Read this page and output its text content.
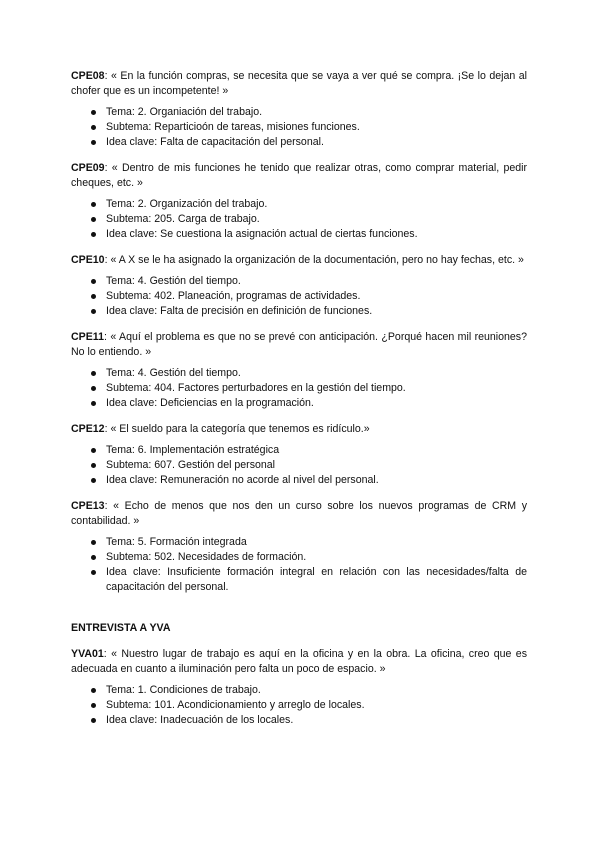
CPE08: « En la función compras, se necesita que se vaya a ver qué se compra. ¡Se lo dejan al chofer que es un incompetente! »

Tema: 2. Organiación del trabajo.
Subtema: Reparticioón de tareas, misiones funciones.
Idea clave: Falta de capacitación del personal.

CPE09: « Dentro de mis funciones he tenido que realizar otras, como comprar material, pedir cheques, etc. »

Tema: 2. Organización del trabajo.
Subtema: 205. Carga de trabajo.
Idea clave: Se cuestiona la asignación actual de ciertas funciones.

CPE10: « A X se le ha asignado la organización de la documentación, pero no hay fechas, etc. »

Tema: 4. Gestión del tiempo.
Subtema: 402. Planeación, programas de actividades.
Idea clave: Falta de precisión en definición de funciones.

CPE11: « Aquí el problema es que no se prevé con anticipación. ¿Porqué hacen mil reuniones? No lo entiendo. »

Tema: 4. Gestión del tiempo.
Subtema: 404. Factores perturbadores en la gestión del tiempo.
Idea clave: Deficiencias en la programación.

CPE12: « El sueldo para la categoría que tenemos es ridículo.»

Tema: 6. Implementación estratégica
Subtema: 607. Gestión del personal
Idea clave: Remuneración no acorde al nivel del personal.

CPE13: « Echo de menos que nos den un curso sobre los nuevos programas de CRM y contabilidad. »

Tema: 5. Formación integrada
Subtema: 502. Necesidades de formación.
Idea clave: Insuficiente formación integral en relación con las necesidades/falta de capacitación del personal.
ENTREVISTA A YVA

YVA01: « Nuestro lugar de trabajo es aquí en la oficina y en la obra. La oficina, creo que es adecuada en cuanto a iluminación pero falta un poco de espacio. »

Tema: 1. Condiciones de trabajo.
Subtema: 101. Acondicionamiento y arreglo de locales.
Idea clave: Inadecuación de los locales.
